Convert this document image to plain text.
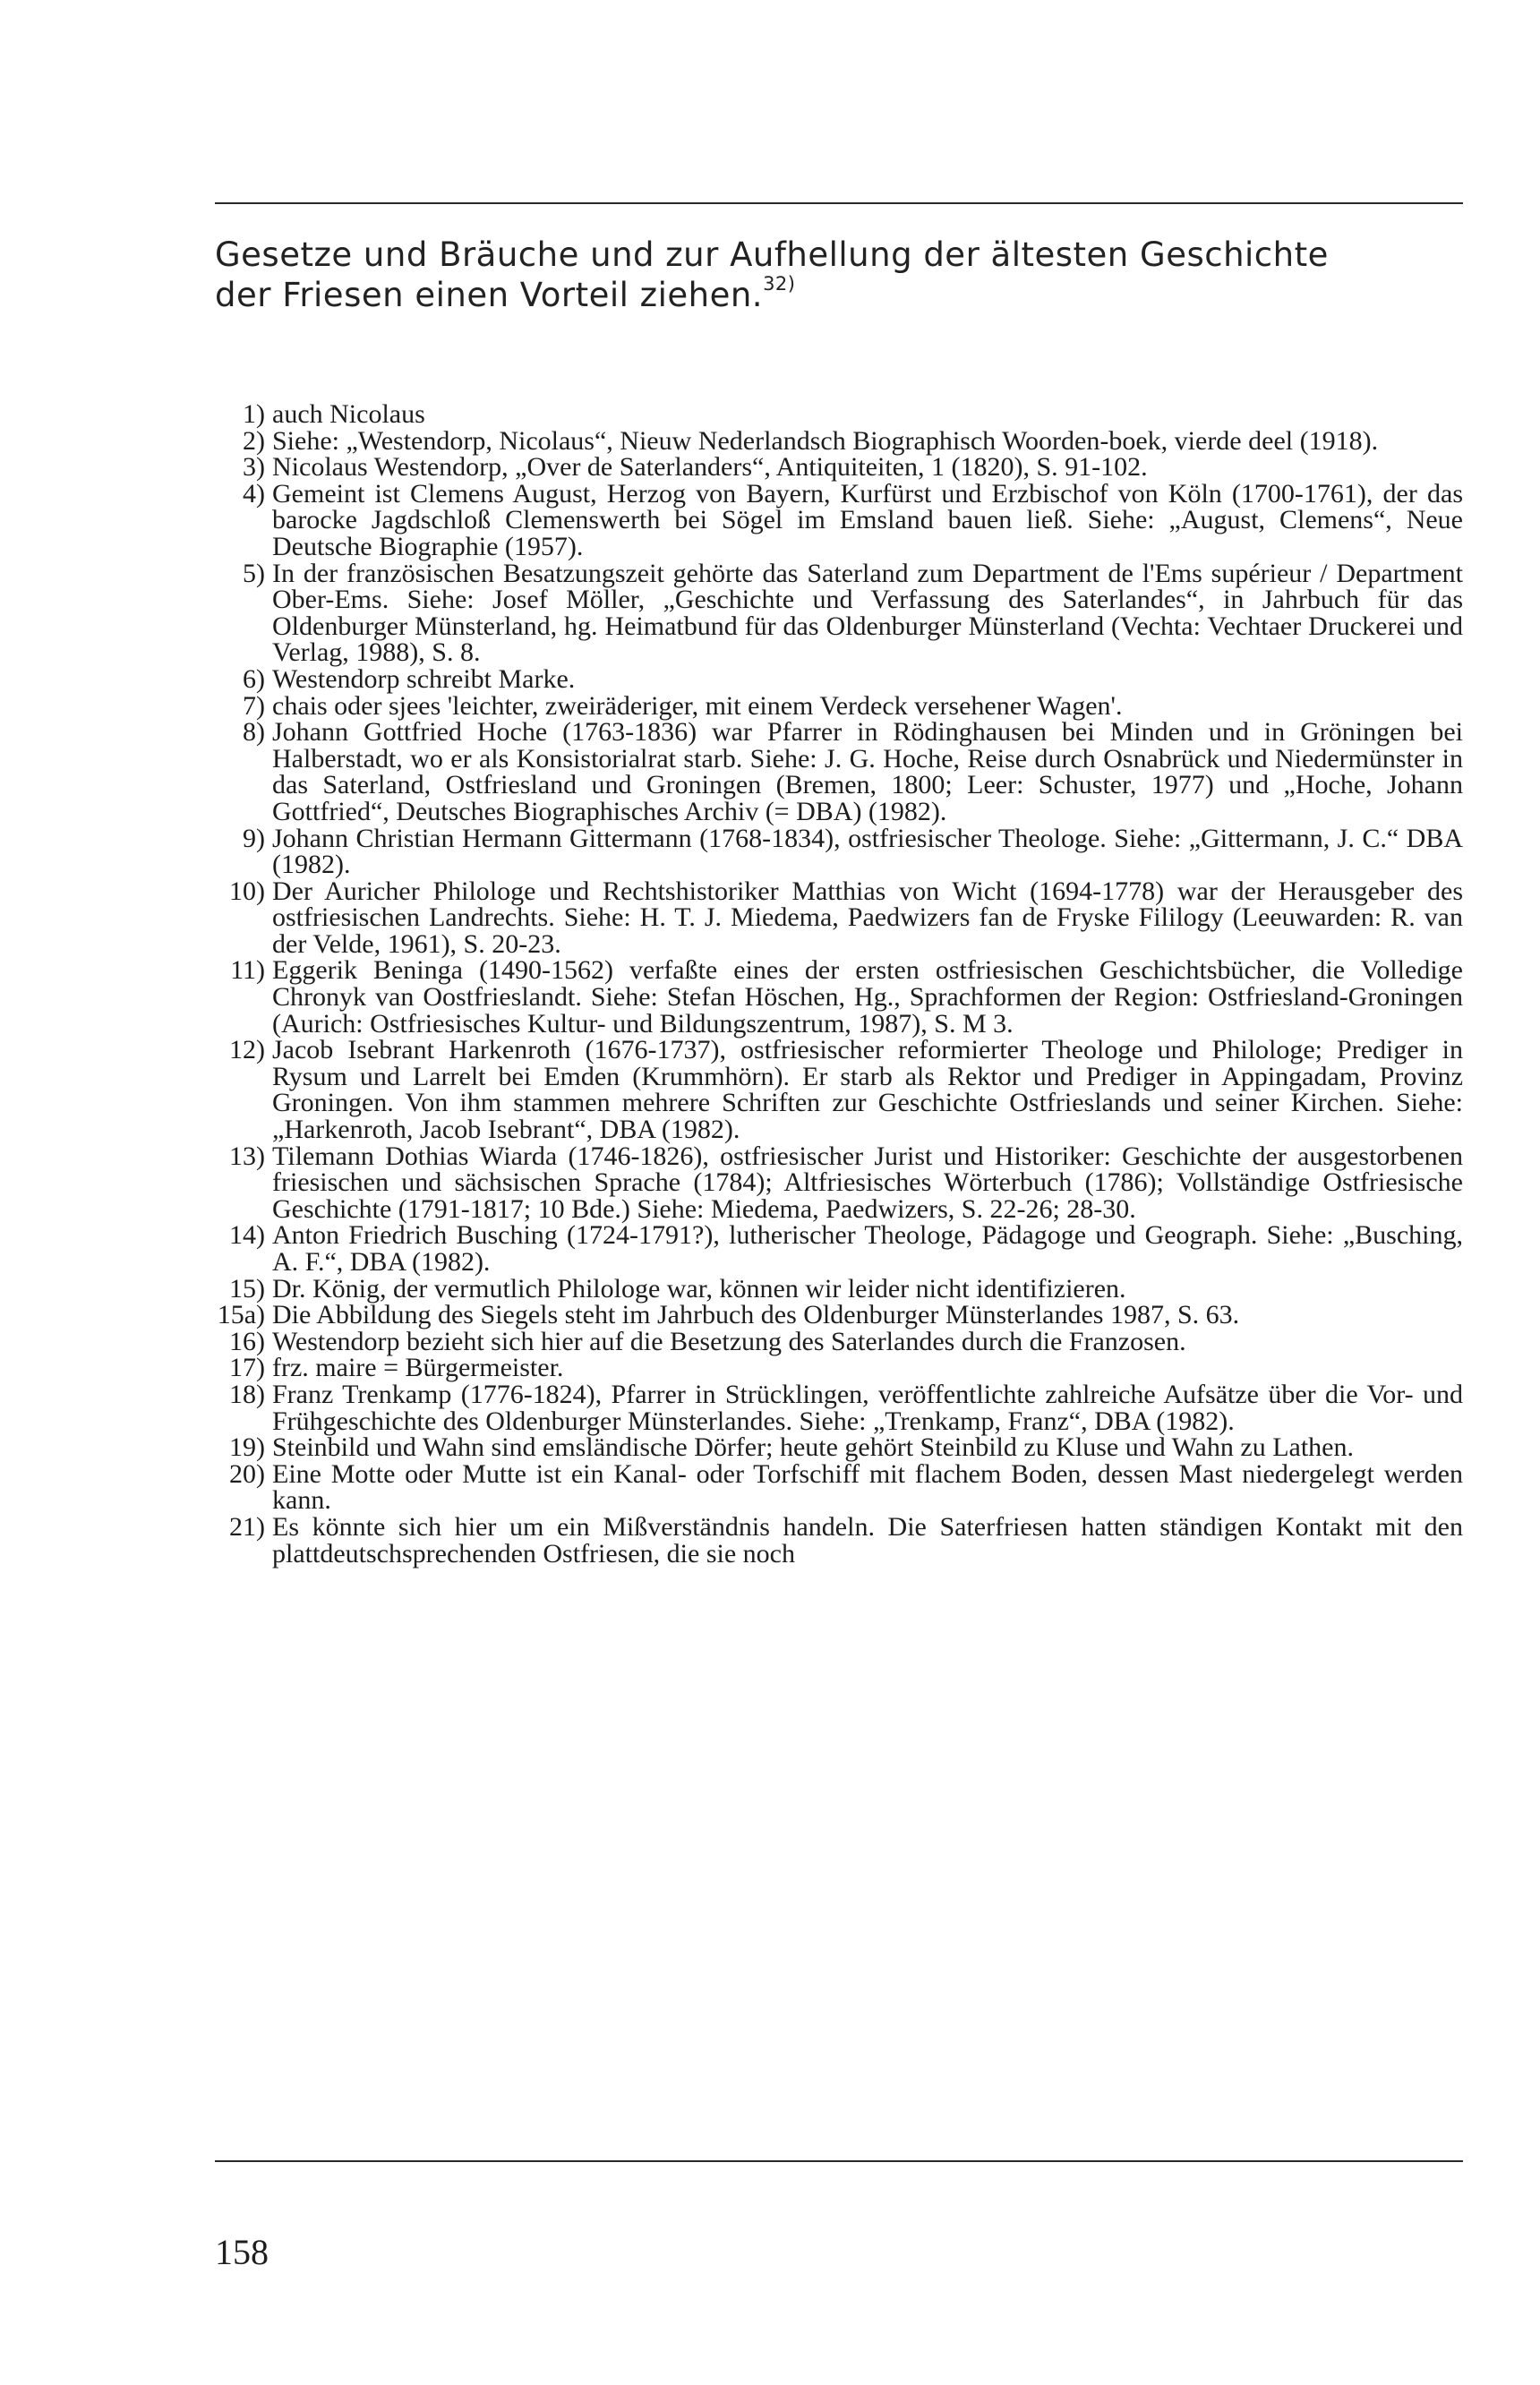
Gesetze und Bräuche und zur Aufhellung der ältesten Geschichte
der Friesen einen Vorteil ziehen.$^{32)}$
1) auch Nicolaus
2) Siehe: „Westendorp, Nicolaus“, Nieuw Nederlandsch Biographisch Woorden-boek, vierde deel (1918).
3) Nicolaus Westendorp, „Over de Saterlanders“, Antiquiteiten, 1 (1820), S. 91-102.
4) Gemeint ist Clemens August, Herzog von Bayern, Kurfürst und Erzbischof von Köln (1700-1761), der das barocke Jagdschloß Clemenswerth bei Sögel im Emsland bauen ließ. Siehe: „August, Clemens“, Neue Deutsche Biographie (1957).
5) In der französischen Besatzungszeit gehörte das Saterland zum Department de l'Ems supérieur / Department Ober-Ems. Siehe: Josef Möller, „Geschichte und Verfassung des Saterlandes“, in Jahrbuch für das Oldenburger Münsterland, hg. Heimatbund für das Oldenburger Münsterland (Vechta: Vechtaer Druckerei und Verlag, 1988), S. 8.
6) Westendorp schreibt Marke.
7) chais oder sjees 'leichter, zweiräderiger, mit einem Verdeck versehener Wagen'.
8) Johann Gottfried Hoche (1763-1836) war Pfarrer in Rödinghausen bei Minden und in Gröningen bei Halberstadt, wo er als Konsistorialrat starb. Siehe: J. G. Hoche, Reise durch Osnabrück und Niedermünster in das Saterland, Ostfriesland und Groningen (Bremen, 1800; Leer: Schuster, 1977) und „Hoche, Johann Gottfried“, Deutsches Biographisches Archiv (= DBA) (1982).
9) Johann Christian Hermann Gittermann (1768-1834), ostfriesischer Theologe. Siehe: „Gittermann, J. C.“ DBA (1982).
10) Der Auricher Philologe und Rechtshistoriker Matthias von Wicht (1694-1778) war der Herausgeber des ostfriesischen Landrechts. Siehe: H. T. J. Miedema, Paedwizers fan de Fryske Fililogy (Leeuwarden: R. van der Velde, 1961), S. 20-23.
11) Eggerik Beninga (1490-1562) verfaßte eines der ersten ostfriesischen Geschichtsbücher, die Volledige Chronyk van Oostfrieslandt. Siehe: Stefan Höschen, Hg., Sprachformen der Region: Ostfriesland-Groningen (Aurich: Ostfriesisches Kultur- und Bildungszentrum, 1987), S. M 3.
12) Jacob Isebrant Harkenroth (1676-1737), ostfriesischer reformierter Theologe und Philologe; Prediger in Rysum und Larrelt bei Emden (Krummhörn). Er starb als Rektor und Prediger in Appingadam, Provinz Groningen. Von ihm stammen mehrere Schriften zur Geschichte Ostfrieslands und seiner Kirchen. Siehe: „Harkenroth, Jacob Isebrant“, DBA (1982).
13) Tilemann Dothias Wiarda (1746-1826), ostfriesischer Jurist und Historiker: Geschichte der ausgestorbenen friesischen und sächsischen Sprache (1784); Altfriesisches Wörterbuch (1786); Vollständige Ostfriesische Geschichte (1791-1817; 10 Bde.) Siehe: Miedema, Paedwizers, S. 22-26; 28-30.
14) Anton Friedrich Busching (1724-1791?), lutherischer Theologe, Pädagoge und Geograph. Siehe: „Busching, A. F.“, DBA (1982).
15) Dr. König, der vermutlich Philologe war, können wir leider nicht identifizieren.
15a) Die Abbildung des Siegels steht im Jahrbuch des Oldenburger Münsterlandes 1987, S. 63.
16) Westendorp bezieht sich hier auf die Besetzung des Saterlandes durch die Franzosen.
17) frz. maire = Bürgermeister.
18) Franz Trenkamp (1776-1824), Pfarrer in Strücklingen, veröffentlichte zahlreiche Aufsätze über die Vor- und Frühgeschichte des Oldenburger Münsterlandes. Siehe: „Trenkamp, Franz“, DBA (1982).
19) Steinbild und Wahn sind emsländische Dörfer; heute gehört Steinbild zu Kluse und Wahn zu Lathen.
20) Eine Motte oder Mutte ist ein Kanal- oder Torfschiff mit flachem Boden, dessen Mast niedergelegt werden kann.
21) Es könnte sich hier um ein Mißverständnis handeln. Die Saterfriesen hatten ständigen Kontakt mit den plattdeutschsprechenden Ostfriesen, die sie noch
158
